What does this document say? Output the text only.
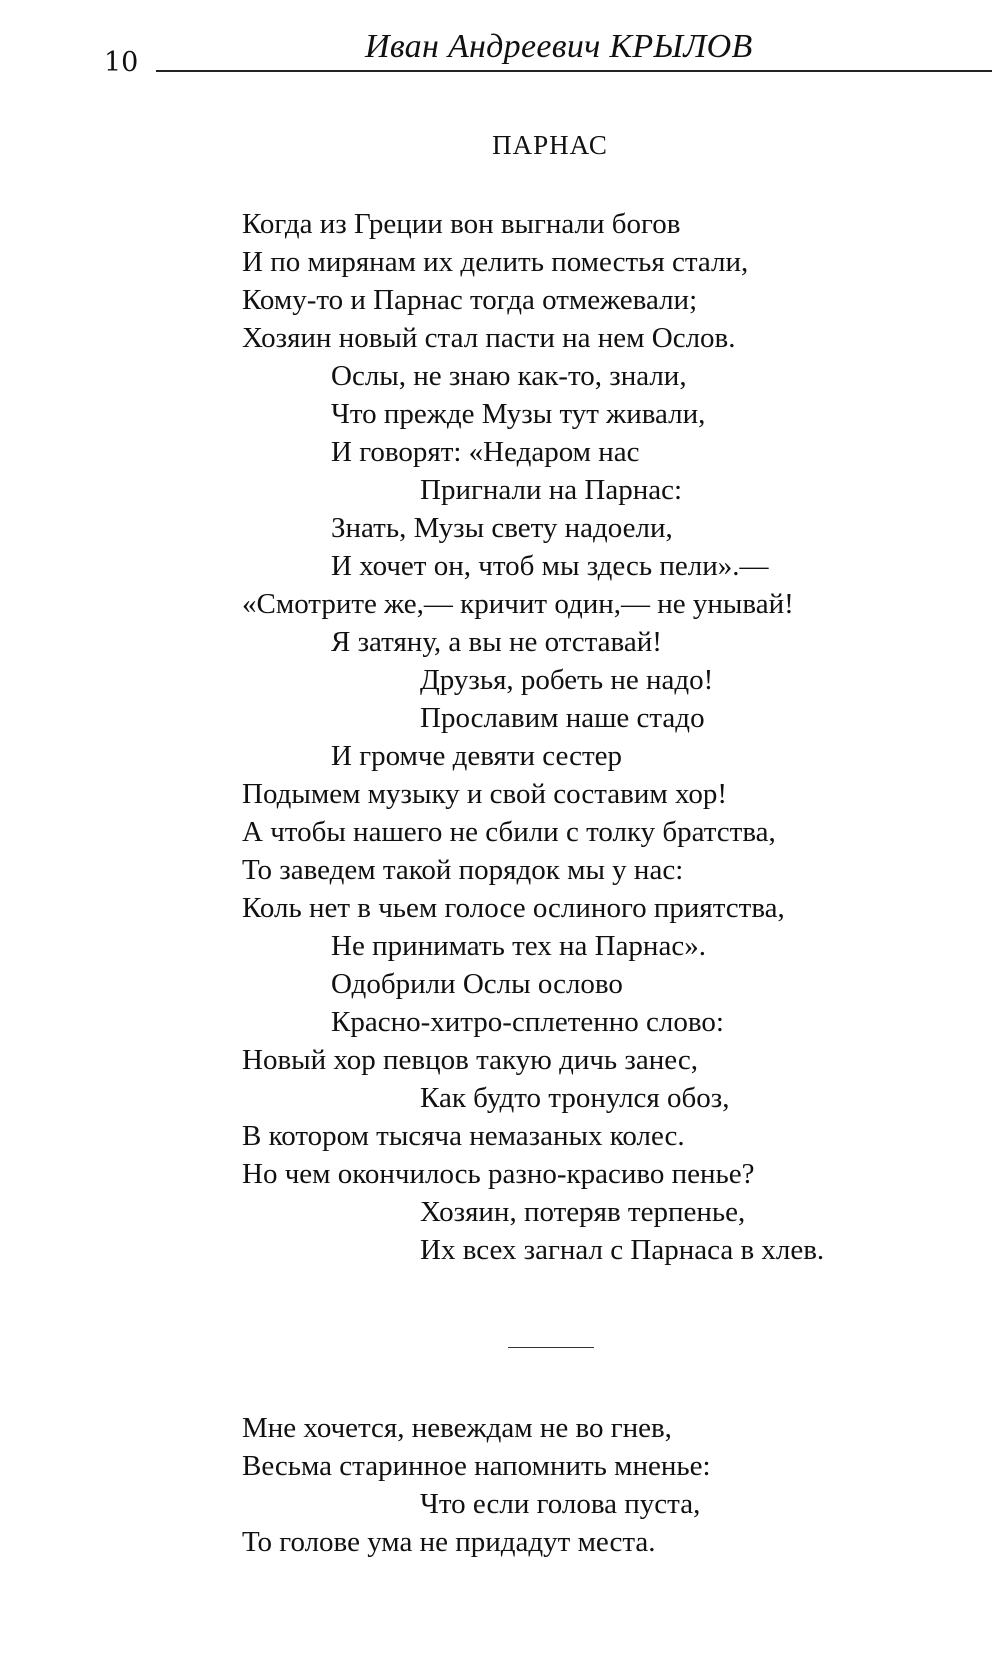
10	Иван Андреевич КРЫЛОВ
ПАРНАС
Когда из Греции вон выгнали богов
И по мирянам их делить поместья стали,
Кому-то и Парнас тогда отмежевали;
Хозяин новый стал пасти на нем Ослов.
Ослы, не знаю как-то, знали,
Что прежде Музы тут живали,
И говорят: «Недаром нас
Пригнали на Парнас:
Знать, Музы свету надоели,
И хочет он, чтоб мы здесь пели».—
«Смотрите же,— кричит один,— не унывай!
Я затяну, а вы не отставай!
Друзья, робеть не надо!
Прославим наше стадо
И громче девяти сестер
Подымем музыку и свой составим хор!
А чтобы нашего не сбили с толку братства,
То заведем такой порядок мы у нас:
Коль нет в чьем голосе ослиного приятства,
Не принимать тех на Парнас».
Одобрили Ослы ослово
Красно-хитро-сплетенно слово:
Новый хор певцов такую дичь занес,
Как будто тронулся обоз,
В котором тысяча немазаных колес.
Но чем окончилось разно-красиво пенье?
Хозяин, потеряв терпенье,
Их всех загнал с Парнаса в хлев.
Мне хочется, невеждам не во гнев,
Весьма старинное напомнить мненье:
Что если голова пуста,
То голове ума не придадут места.
